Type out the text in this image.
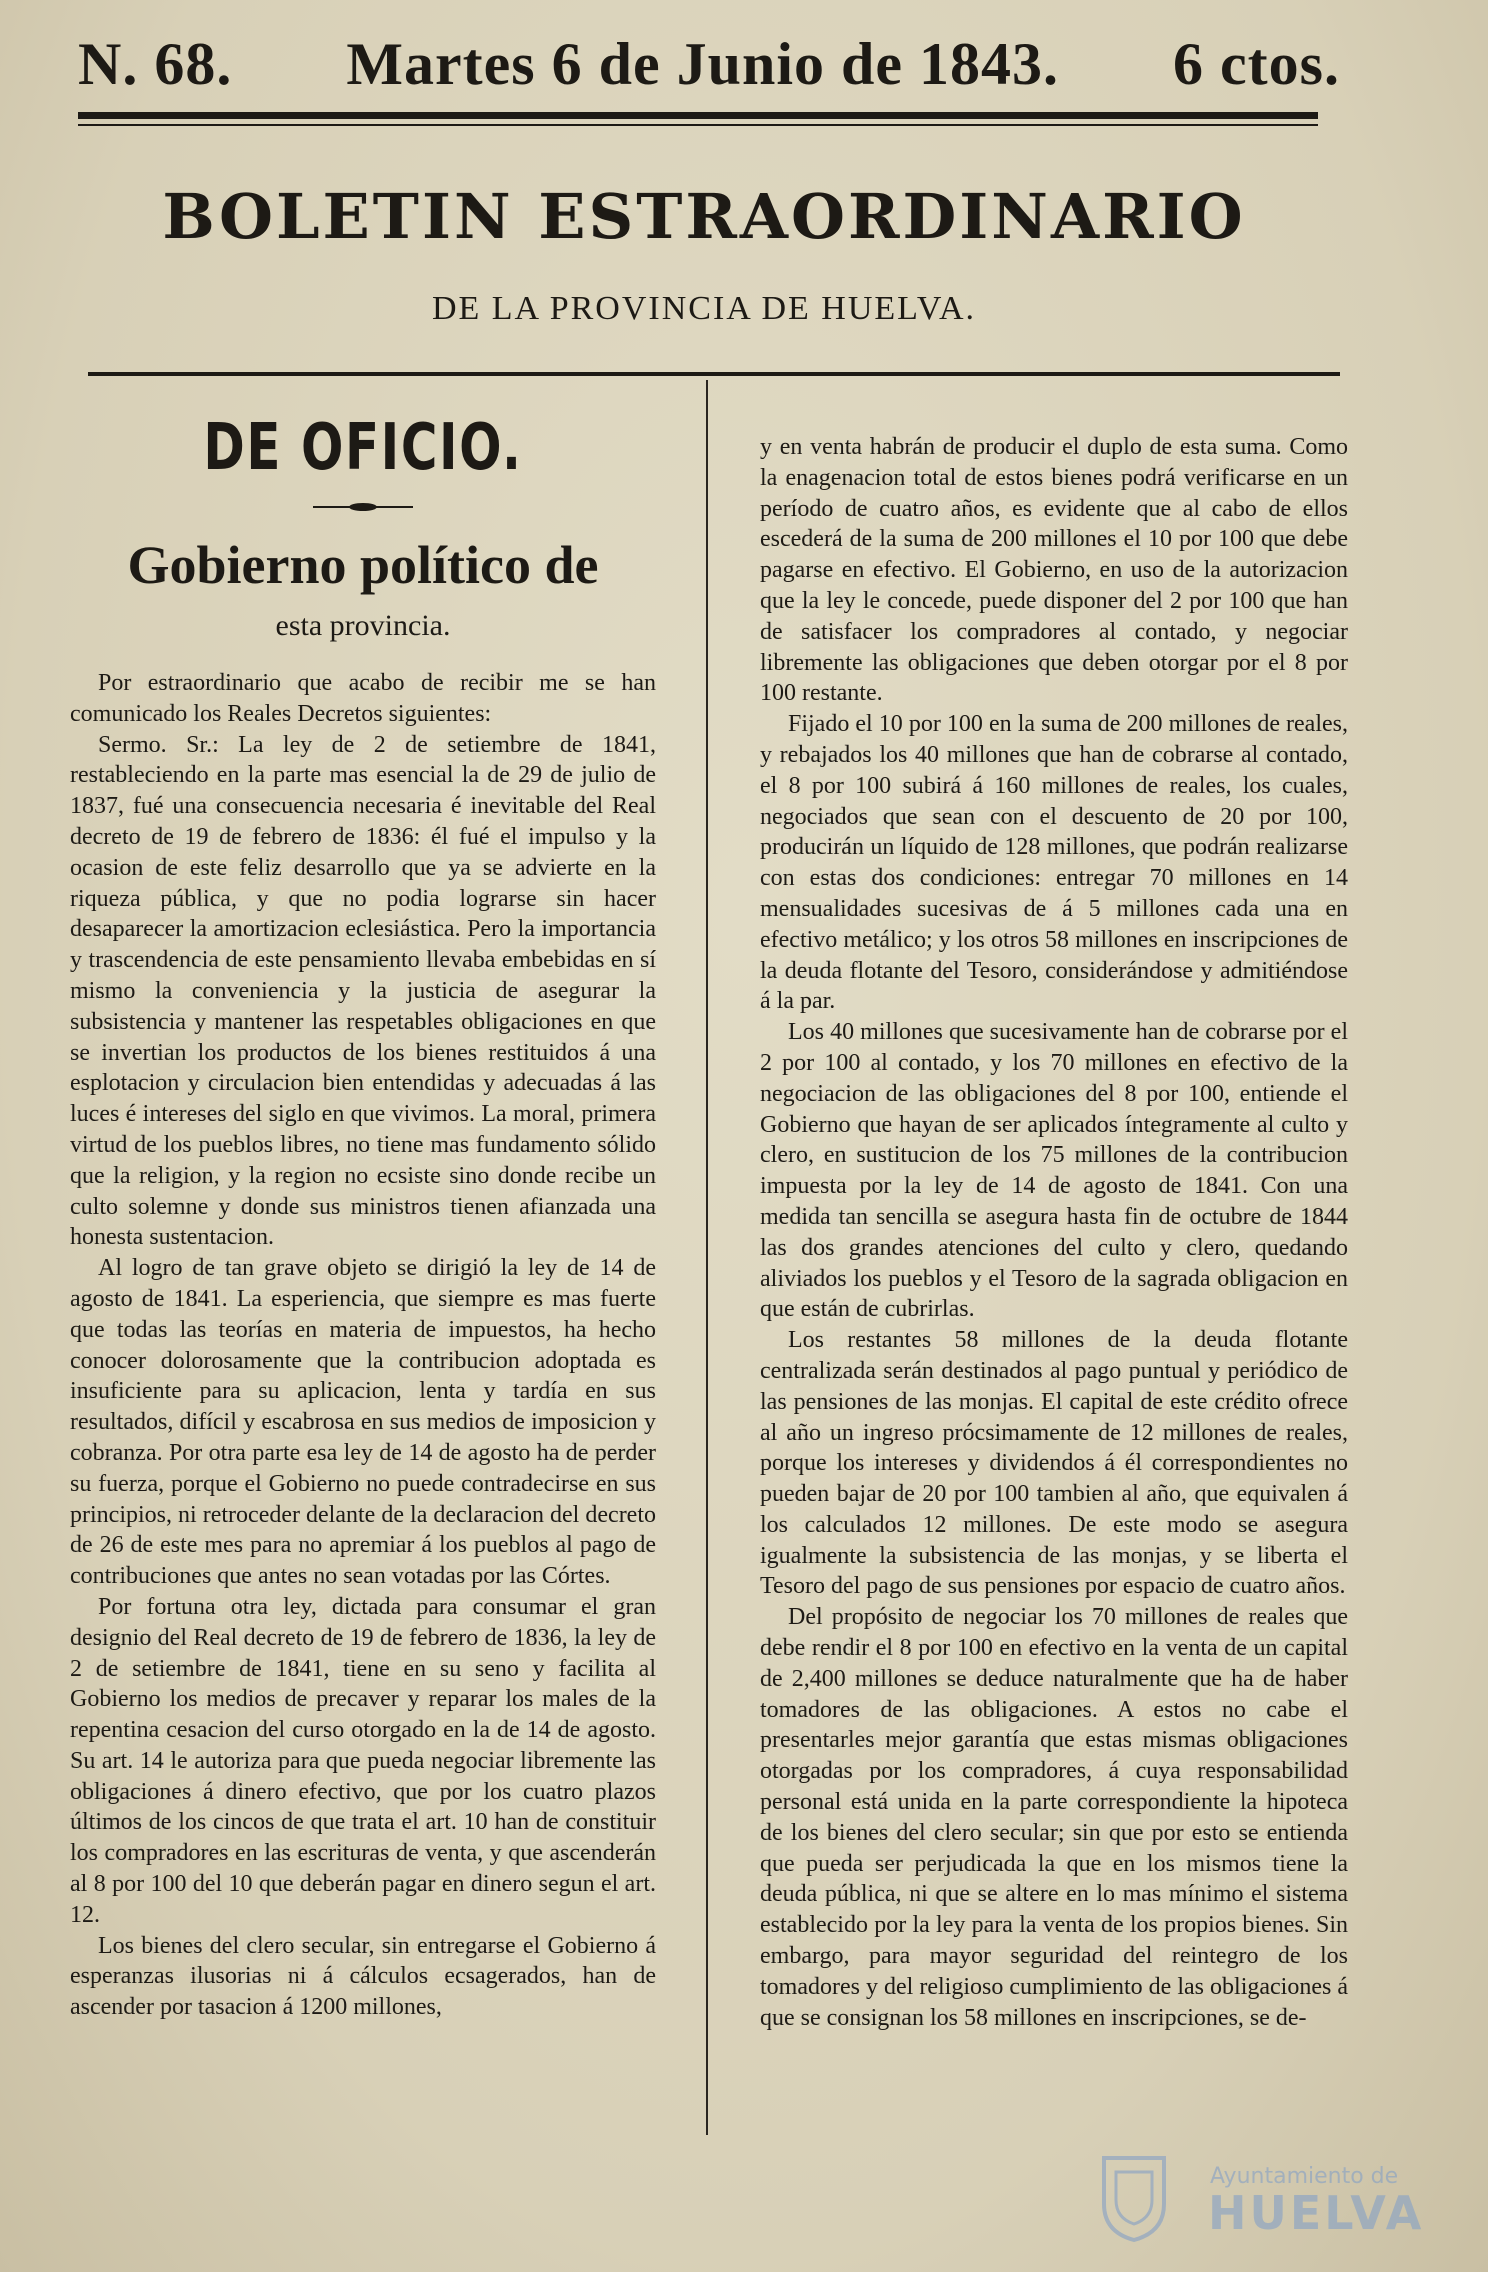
N. 68. Martes 6 de Junio de 1843. 6 ctos.
BOLETIN ESTRAORDINARIO
DE LA PROVINCIA DE HUELVA.
DE OFICIO.
Gobierno político de
esta provincia.

Por estraordinario que acabo de recibir me se han comunicado los Reales Decretos siguientes:

Sermo. Sr.: La ley de 2 de setiembre de 1841, restableciendo en la parte mas esencial la de 29 de julio de 1837, fué una consecuencia necesaria é inevitable del Real decreto de 19 de febrero de 1836: él fué el impulso y la ocasion de este feliz desarrollo que ya se advierte en la riqueza pública, y que no podia lograrse sin hacer desaparecer la amortizacion eclesiástica. Pero la importancia y trascendencia de este pensamiento llevaba embebidas en sí mismo la conveniencia y la justicia de asegurar la subsistencia y mantener las respetables obligaciones en que se invertian los productos de los bienes restituidos á una esplotacion y circulacion bien entendidas y adecuadas á las luces é intereses del siglo en que vivimos. La moral, primera virtud de los pueblos libres, no tiene mas fundamento sólido que la religion, y la region no ecsiste sino donde recibe un culto solemne y donde sus ministros tienen afianzada una honesta sustentacion.

Al logro de tan grave objeto se dirigió la ley de 14 de agosto de 1841. La esperiencia, que siempre es mas fuerte que todas las teorías en materia de impuestos, ha hecho conocer dolorosamente que la contribucion adoptada es insuficiente para su aplicacion, lenta y tardía en sus resultados, difícil y escabrosa en sus medios de imposicion y cobranza. Por otra parte esa ley de 14 de agosto ha de perder su fuerza, porque el Gobierno no puede contradecirse en sus principios, ni retroceder delante de la declaracion del decreto de 26 de este mes para no apremiar á los pueblos al pago de contribuciones que antes no sean votadas por las Córtes.

Por fortuna otra ley, dictada para consumar el gran designio del Real decreto de 19 de febrero de 1836, la ley de 2 de setiembre de 1841, tiene en su seno y facilita al Gobierno los medios de precaver y reparar los males de la repentina cesacion del curso otorgado en la de 14 de agosto. Su art. 14 le autoriza para que pueda negociar libremente las obligaciones á dinero efectivo, que por los cuatro plazos últimos de los cincos de que trata el art. 10 han de constituir los compradores en las escrituras de venta, y que ascenderán al 8 por 100 del 10 que deberán pagar en dinero segun el art. 12.

Los bienes del clero secular, sin entregarse el Gobierno á esperanzas ilusorias ni á cálculos ecsagerados, han de ascender por tasacion á 1200 millones,

y en venta habrán de producir el duplo de esta suma. Como la enagenacion total de estos bienes podrá verificarse en un período de cuatro años, es evidente que al cabo de ellos escederá de la suma de 200 millones el 10 por 100 que debe pagarse en efectivo. El Gobierno, en uso de la autorizacion que la ley le concede, puede disponer del 2 por 100 que han de satisfacer los compradores al contado, y negociar libremente las obligaciones que deben otorgar por el 8 por 100 restante.

Fijado el 10 por 100 en la suma de 200 millones de reales, y rebajados los 40 millones que han de cobrarse al contado, el 8 por 100 subirá á 160 millones de reales, los cuales, negociados que sean con el descuento de 20 por 100, producirán un líquido de 128 millones, que podrán realizarse con estas dos condiciones: entregar 70 millones en 14 mensualidades sucesivas de á 5 millones cada una en efectivo metálico; y los otros 58 millones en inscripciones de la deuda flotante del Tesoro, considerándose y admitiéndose á la par.

Los 40 millones que sucesivamente han de cobrarse por el 2 por 100 al contado, y los 70 millones en efectivo de la negociacion de las obligaciones del 8 por 100, entiende el Gobierno que hayan de ser aplicados íntegramente al culto y clero, en sustitucion de los 75 millones de la contribucion impuesta por la ley de 14 de agosto de 1841. Con una medida tan sencilla se asegura hasta fin de octubre de 1844 las dos grandes atenciones del culto y clero, quedando aliviados los pueblos y el Tesoro de la sagrada obligacion en que están de cubrirlas.

Los restantes 58 millones de la deuda flotante centralizada serán destinados al pago puntual y periódico de las pensiones de las monjas. El capital de este crédito ofrece al año un ingreso prócsimamente de 12 millones de reales, porque los intereses y dividendos á él correspondientes no pueden bajar de 20 por 100 tambien al año, que equivalen á los calculados 12 millones. De este modo se asegura igualmente la subsistencia de las monjas, y se liberta el Tesoro del pago de sus pensiones por espacio de cuatro años.

Del propósito de negociar los 70 millones de reales que debe rendir el 8 por 100 en efectivo en la venta de un capital de 2,400 millones se deduce naturalmente que ha de haber tomadores de las obligaciones. A estos no cabe el presentarles mejor garantía que estas mismas obligaciones otorgadas por los compradores, á cuya responsabilidad personal está unida en la parte correspondiente la hipoteca de los bienes del clero secular; sin que por esto se entienda que pueda ser perjudicada la que en los mismos tiene la deuda pública, ni que se altere en lo mas mínimo el sistema establecido por la ley para la venta de los propios bienes. Sin embargo, para mayor seguridad del reintegro de los tomadores y del religioso cumplimiento de las obligaciones á que se consignan los 58 millones en inscripciones, se de-

Ayuntamiento de
HUELVA
